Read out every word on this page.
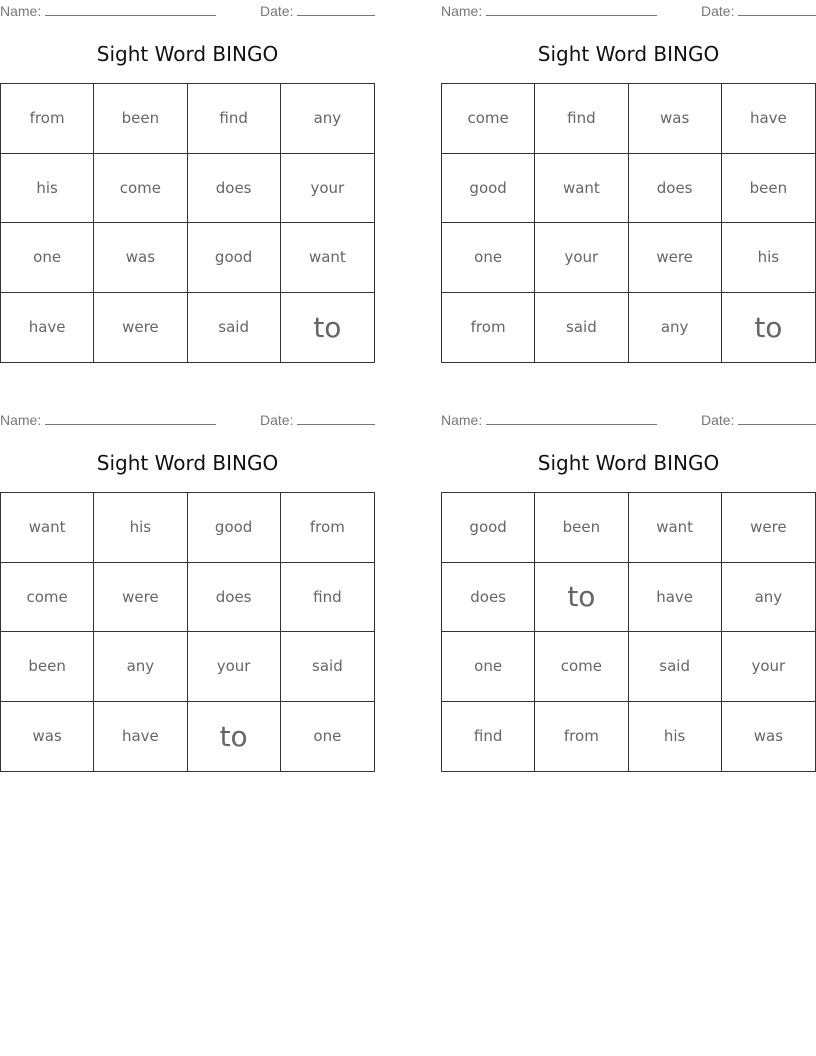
Name:	Date:
Sight Word BINGO
from	been	find	any
his	come	does	your
one	was	good	want
have	were	said	to
Name:	Date:
Sight Word BINGO
come	find	was	have
good	want	does	been
one	your	were	his
from	said	any	to
Name:	Date:
Sight Word BINGO
want	his	good	from
come	were	does	find
been	any	your	said
was	have	to	one
Name:	Date:
Sight Word BINGO
good	been	want	were
does	to	have	any
one	come	said	your
find	from	his	was
